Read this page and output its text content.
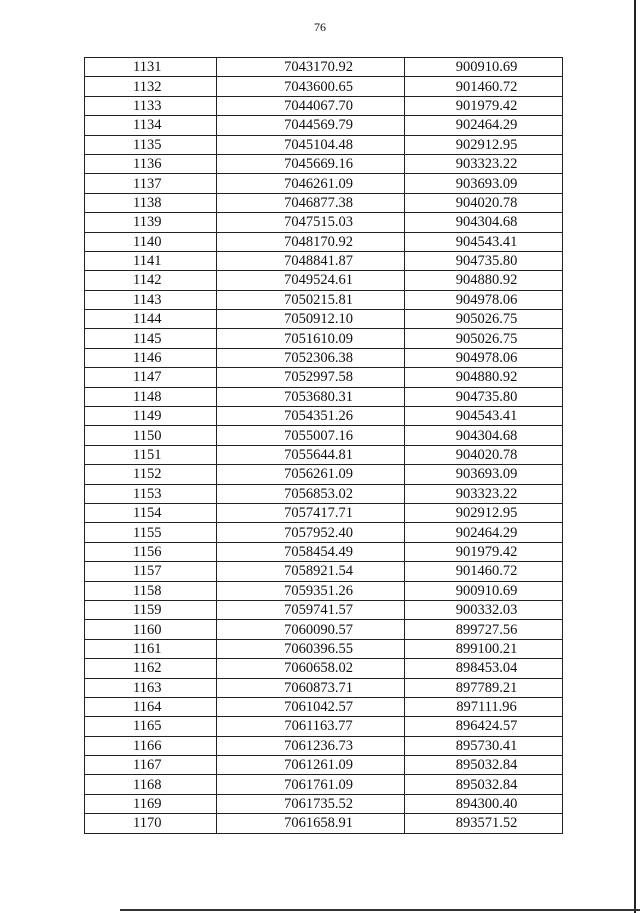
76
1131	7043170.92	900910.69
1132	7043600.65	901460.72
1133	7044067.70	901979.42
1134	7044569.79	902464.29
1135	7045104.48	902912.95
1136	7045669.16	903323.22
1137	7046261.09	903693.09
1138	7046877.38	904020.78
1139	7047515.03	904304.68
1140	7048170.92	904543.41
1141	7048841.87	904735.80
1142	7049524.61	904880.92
1143	7050215.81	904978.06
1144	7050912.10	905026.75
1145	7051610.09	905026.75
1146	7052306.38	904978.06
1147	7052997.58	904880.92
1148	7053680.31	904735.80
1149	7054351.26	904543.41
1150	7055007.16	904304.68
1151	7055644.81	904020.78
1152	7056261.09	903693.09
1153	7056853.02	903323.22
1154	7057417.71	902912.95
1155	7057952.40	902464.29
1156	7058454.49	901979.42
1157	7058921.54	901460.72
1158	7059351.26	900910.69
1159	7059741.57	900332.03
1160	7060090.57	899727.56
1161	7060396.55	899100.21
1162	7060658.02	898453.04
1163	7060873.71	897789.21
1164	7061042.57	897111.96
1165	7061163.77	896424.57
1166	7061236.73	895730.41
1167	7061261.09	895032.84
1168	7061761.09	895032.84
1169	7061735.52	894300.40
1170	7061658.91	893571.52
